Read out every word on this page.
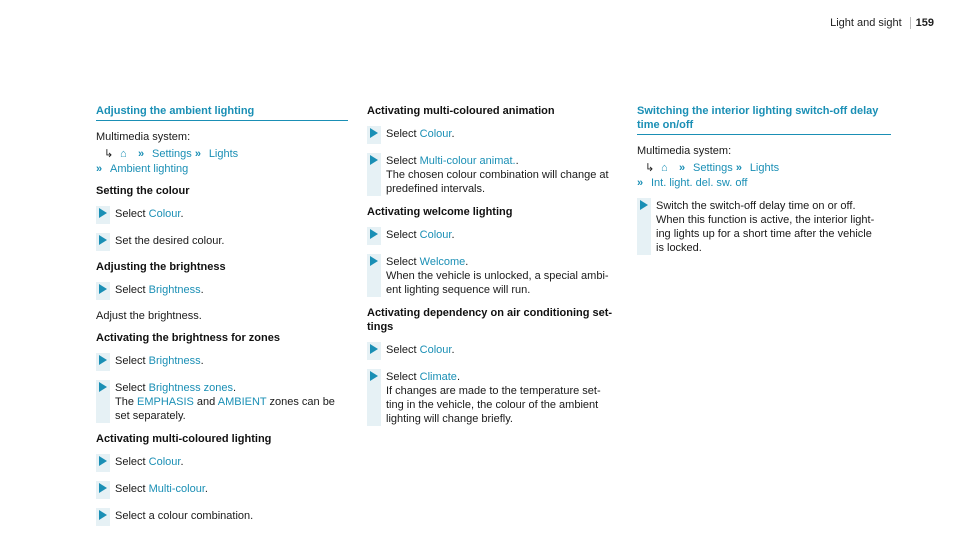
Light and sight 159
Adjusting the ambient lighting
Multimedia system:
↳ ⌂ » Settings » Lights
» Ambient lighting
Setting the colour
Select Colour.
Set the desired colour.
Adjusting the brightness
Select Brightness.
Adjust the brightness.
Activating the brightness for zones
Select Brightness.
Select Brightness zones.
The EMPHASIS and AMBIENT zones can be
set separately.
Activating multi-coloured lighting
Select Colour.
Select Multi-colour.
Select a colour combination.
Activating multi-coloured animation
Select Colour.
Select Multi-colour animat..
The chosen colour combination will change at
predefined intervals.
Activating welcome lighting
Select Colour.
Select Welcome.
When the vehicle is unlocked, a special ambi-
ent lighting sequence will run.
Activating dependency on air conditioning set-
tings
Select Colour.
Select Climate.
If changes are made to the temperature set-
ting in the vehicle, the colour of the ambient
lighting will change briefly.
Switching the interior lighting switch-off delay
time on/off
Multimedia system:
↳ ⌂ » Settings » Lights
» Int. light. del. sw. off
Switch the switch-off delay time on or off.
When this function is active, the interior light-
ing lights up for a short time after the vehicle
is locked.
